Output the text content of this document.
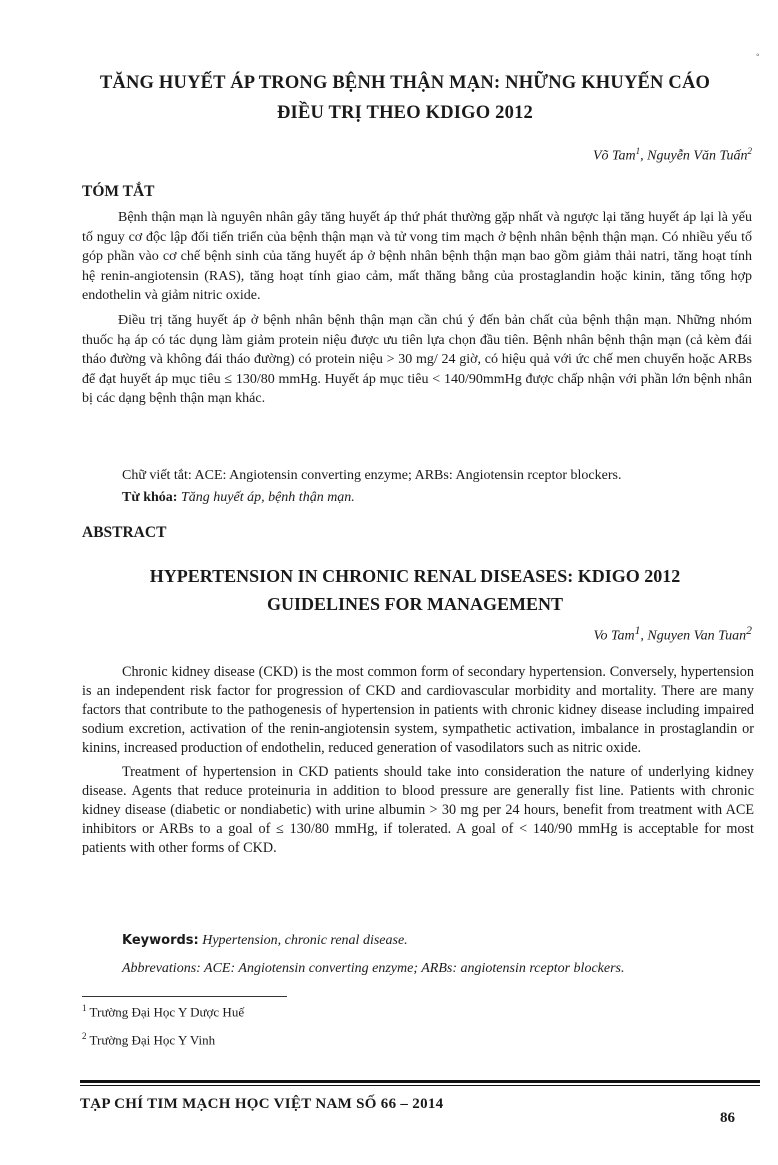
◦
TĂNG HUYẾT ÁP TRONG BỆNH THẬN MẠN: NHỮNG KHUYẾN CÁO
ĐIỀU TRỊ THEO KDIGO 2012
Võ Tam$^1$, Nguyễn Văn Tuấn$^2$
TÓM TẮT

Bệnh thận mạn là nguyên nhân gây tăng huyết áp thứ phát thường gặp nhất và ngược lại tăng huyết áp lại là yếu tố nguy cơ độc lập đối tiến triển của bệnh thận mạn và tử vong tim mạch ở bệnh nhân bệnh thận mạn. Có nhiều yếu tố góp phần vào cơ chế bệnh sinh của tăng huyết áp ở bệnh nhân bệnh thận mạn bao gồm giảm thải natri, tăng hoạt tính hệ renin-angiotensin (RAS), tăng hoạt tính giao cảm, mất thăng bằng của prostaglandin hoặc kinin, tăng tổng hợp endothelin và giảm nitric oxide.

Điều trị tăng huyết áp ở bệnh nhân bệnh thận mạn cần chú ý đến bản chất của bệnh thận mạn. Những nhóm thuốc hạ áp có tác dụng làm giảm protein niệu được ưu tiên lựa chọn đầu tiên. Bệnh nhân bệnh thận mạn (cả kèm đái tháo đường và không đái tháo đường) có protein niệu > 30 mg/ 24 giờ, có hiệu quả với ức chế men chuyển hoặc ARBs để đạt huyết áp mục tiêu ≤ 130/80 mmHg. Huyết áp mục tiêu < 140/90mmHg được chấp nhận với phần lớn bệnh nhân bị các dạng bệnh thận mạn khác.

Chữ viết tắt: ACE: Angiotensin converting enzyme; ARBs: Angiotensin rceptor blockers.
Từ khóa: Tăng huyết áp, bệnh thận mạn.
ABSTRACT
HYPERTENSION IN CHRONIC RENAL DISEASES: KDIGO 2012
GUIDELINES FOR MANAGEMENT
Vo Tam$^1$, Nguyen Van Tuan$^2$

Chronic kidney disease (CKD) is the most common form of secondary hypertension. Conversely, hypertension is an independent risk factor for progression of CKD and cardiovascular morbidity and mortality. There are many factors that contribute to the pathogenesis of hypertension in patients with chronic kidney disease including impaired sodium excretion, activation of the renin-angiotensin system, sympathetic activation, imbalance in prostaglandin or kinins, increased production of endothelin, reduced generation of vasodilators such as nitric oxide.

Treatment of hypertension in CKD patients should take into consideration the nature of underlying kidney disease. Agents that reduce proteinuria in addition to blood pressure are generally fist line. Patients with chronic kidney disease (diabetic or nondiabetic) with urine albumin > 30 mg per 24 hours, benefit from treatment with ACE inhibitors or ARBs to a goal of ≤ 130/80 mmHg, if tolerated. A goal of < 140/90 mmHg is acceptable for most patients with other forms of CKD.

Keywords: Hypertension, chronic renal disease.
Abbrevations: ACE: Angiotensin converting enzyme; ARBs: angiotensin rceptor blockers.
$^1$ Trường Đại Học Y Dược Huế
$^2$ Trường Đại Học Y Vinh
TẠP CHÍ TIM MẠCH HỌC VIỆT NAM SỐ 66 – 2014
86
